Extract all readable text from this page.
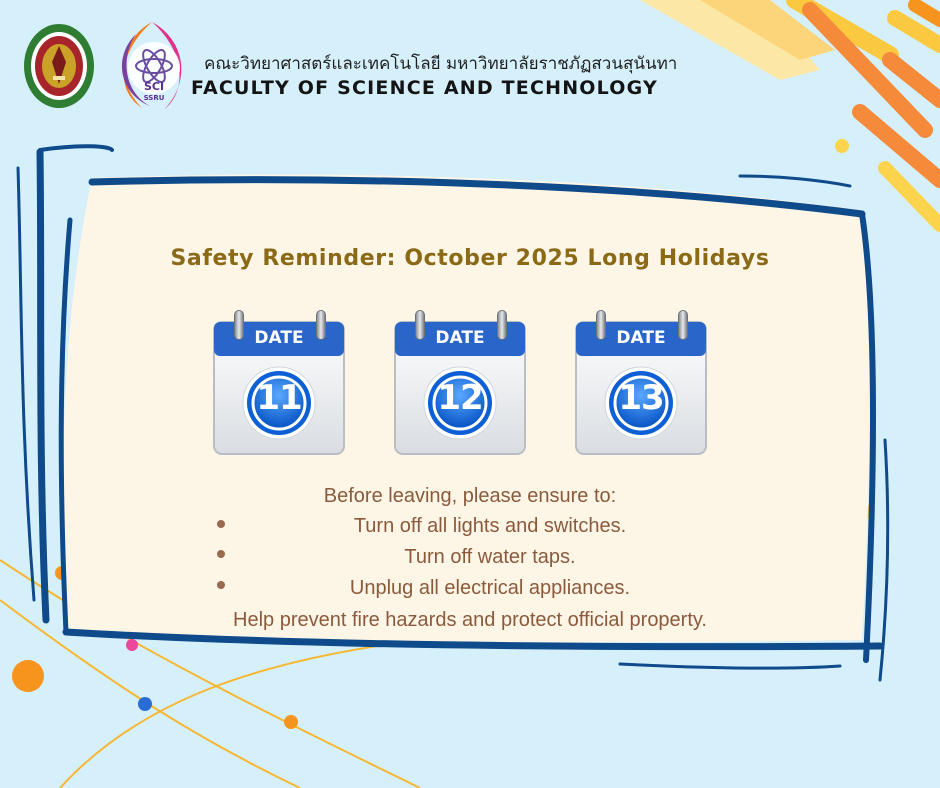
SCI
SSRU
คณะวิทยาศาสตร์และเทคโนโลยี มหาวิทยาลัยราชภัฏสวนสุนันทา
FACULTY OF SCIENCE AND TECHNOLOGY
Safety Reminder: October 2025 Long Holidays
DATE
11
DATE
12
DATE
13
Before leaving, please ensure to:
Turn off all lights and switches.
Turn off water taps.
Unplug all electrical appliances.
Help prevent fire hazards and protect official property.
